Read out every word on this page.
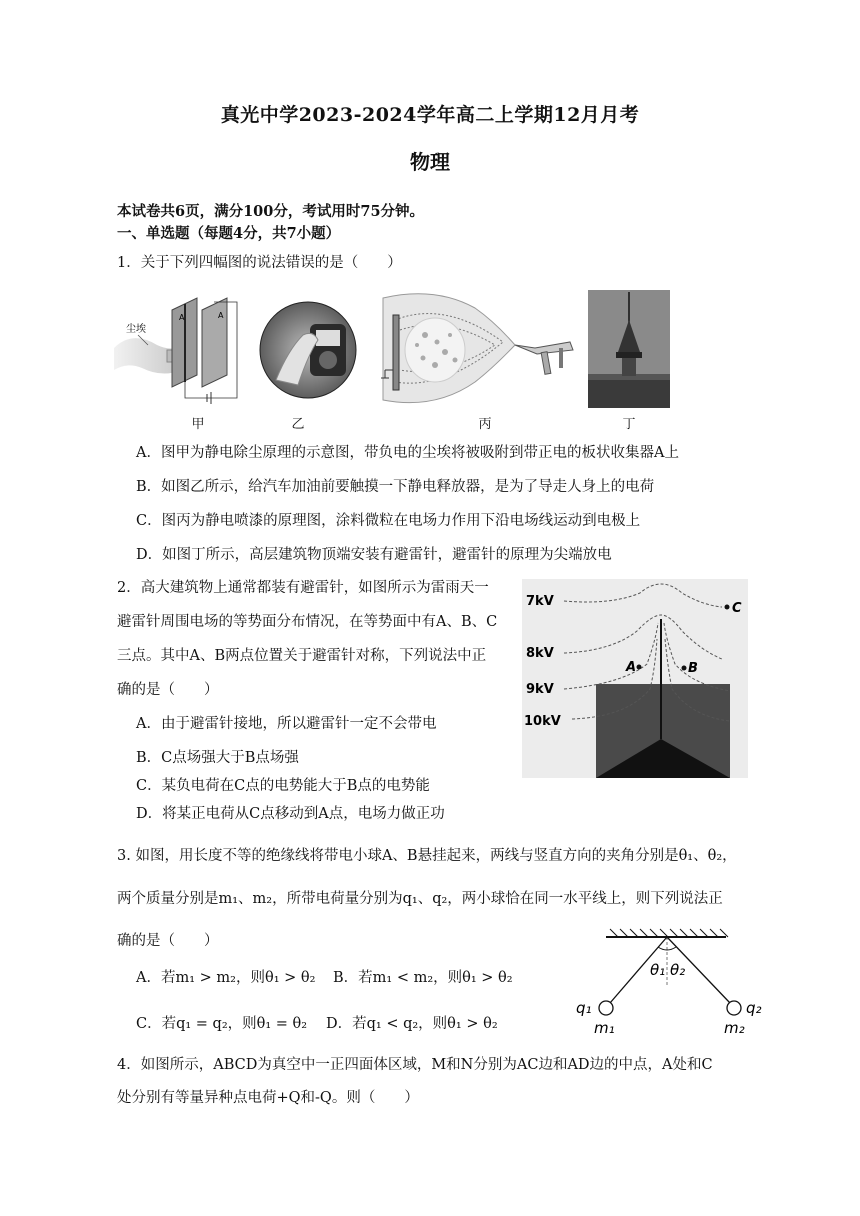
真光中学2023-2024学年高二上学期12月月考
物理
本试卷共6页，满分100分，考试用时75分钟。
一、单选题（每题4分，共7小题）
1．关于下列四幅图的说法错误的是（　　）
尘埃
A	A
甲	乙	丙	丁
A．图甲为静电除尘原理的示意图，带负电的尘埃将被吸附到带正电的板状收集器A上
B．如图乙所示，给汽车加油前要触摸一下静电释放器，是为了导走人身上的电荷
C．图丙为静电喷漆的原理图，涂料微粒在电场力作用下沿电场线运动到电极上
D．如图丁所示，高层建筑物顶端安装有避雷针，避雷针的原理为尖端放电
2．高大建筑物上通常都装有避雷针，如图所示为雷雨天一
避雷针周围电场的等势面分布情况，在等势面中有A、B、C
三点。其中A、B两点位置关于避雷针对称，下列说法中正
确的是（　　）
A．由于避雷针接地，所以避雷针一定不会带电
B．C点场强大于B点场强
C．某负电荷在C点的电势能大于B点的电势能
D．将某正电荷从C点移动到A点，电场力做正功
7kV
8kV
9kV
10kV
A	B
C
3. 如图，用长度不等的绝缘线将带电小球A、B悬挂起来，两线与竖直方向的夹角分别是θ₁、θ₂，
两个质量分别是m₁、m₂，所带电荷量分别为q₁、q₂，两小球恰在同一水平线上，则下列说法正
确的是（　　）
A．若m₁ > m₂，则θ₁ > θ₂ B．若m₁ < m₂，则θ₁ > θ₂
C．若q₁ = q₂，则θ₁ = θ₂ D．若q₁ < q₂，则θ₁ > θ₂
θ₁ θ₂
q₁	q₂
m₁	m₂
4．如图所示，ABCD为真空中一正四面体区域，M和N分别为AC边和AD边的中点，A处和C
处分别有等量异种点电荷+Q和-Q。则（　　）
